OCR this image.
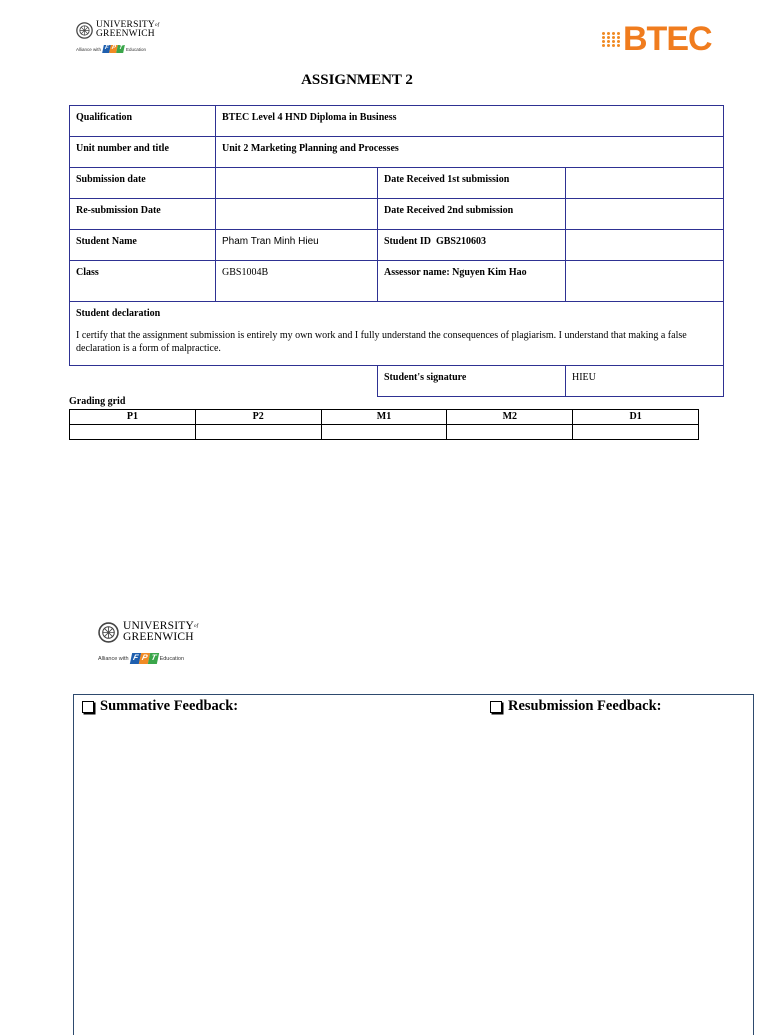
$UNIVERSITY^{of}$
GREENWICH
Alliance with F P T Education	BTEC
ASSIGNMENT 2
Qualification	BTEC Level 4 HND Diploma in Business		
Unit number and title	Unit 2 Marketing Planning and Processes		
Submission date		Date Received 1st submission	
Re-submission Date		Date Received 2nd submission	
Student Name	Pham Tran Minh Hieu	Student ID GBS210603	
Class	GBS1004B	Assessor name: Nguyen Kim Hao	

Student declaration
I certify that the assignment submission is entirely my own work and I fully understand the consequences of plagiarism. I understand that making a false declaration is a form of malpractice.			

		Student's signature	HIEU
Grading grid
P1	P2	M1	M2	D1

$UNIVERSITY^{of}$
GREENWICH
Alliance with F P T Education
Summative Feedback:	Resubmission Feedback:
